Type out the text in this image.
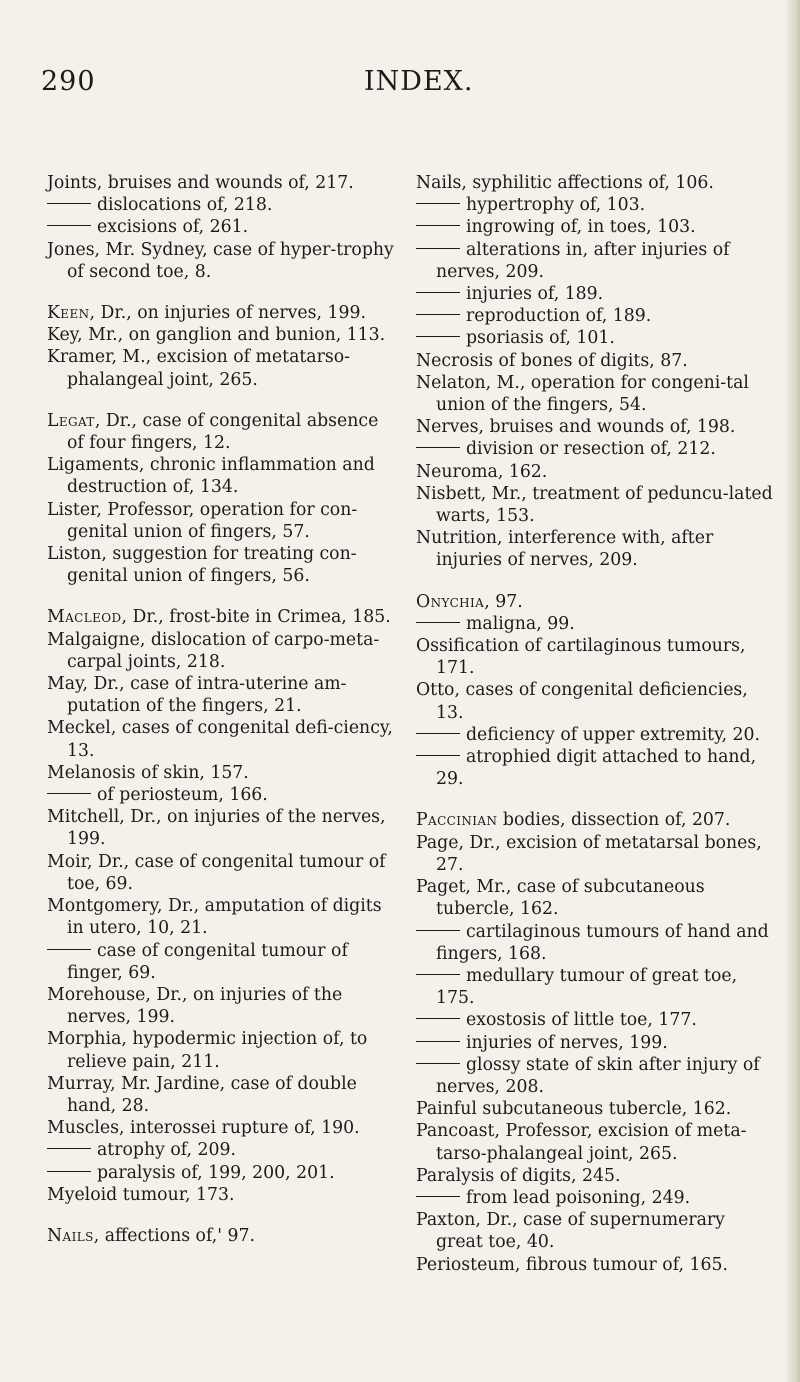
290	INDEX.

Joints, bruises and wounds of, 217.

dislocations of, 218.

excisions of, 261.

Jones, Mr. Sydney, case of hyper-trophy of second toe, 8.

Keen, Dr., on injuries of nerves, 199.

Key, Mr., on ganglion and bunion, 113.

Kramer, M., excision of metatarso-phalangeal joint, 265.

Legat, Dr., case of congenital absence of four fingers, 12.

Ligaments, chronic inflammation and destruction of, 134.

Lister, Professor, operation for con-genital union of fingers, 57.

Liston, suggestion for treating con-genital union of fingers, 56.

Macleod, Dr., frost-bite in Crimea, 185.

Malgaigne, dislocation of carpo-meta-carpal joints, 218.

May, Dr., case of intra-uterine am-putation of the fingers, 21.

Meckel, cases of congenital defi-ciency, 13.

Melanosis of skin, 157.

of periosteum, 166.

Mitchell, Dr., on injuries of the nerves, 199.

Moir, Dr., case of congenital tumour of toe, 69.

Montgomery, Dr., amputation of digits in utero, 10, 21.

case of congenital tumour of finger, 69.

Morehouse, Dr., on injuries of the nerves, 199.

Morphia, hypodermic injection of, to relieve pain, 211.

Murray, Mr. Jardine, case of double hand, 28.

Muscles, interossei rupture of, 190.

atrophy of, 209.

paralysis of, 199, 200, 201.

Myeloid tumour, 173.

Nails, affections of,' 97.

Nails, syphilitic affections of, 106.

hypertrophy of, 103.

ingrowing of, in toes, 103.

alterations in, after injuries of nerves, 209.

injuries of, 189.

reproduction of, 189.

psoriasis of, 101.

Necrosis of bones of digits, 87.

Nelaton, M., operation for congeni-tal union of the fingers, 54.

Nerves, bruises and wounds of, 198.

division or resection of, 212.

Neuroma, 162.

Nisbett, Mr., treatment of peduncu-lated warts, 153.

Nutrition, interference with, after injuries of nerves, 209.

Onychia, 97.

maligna, 99.

Ossification of cartilaginous tumours, 171.

Otto, cases of congenital deficiencies, 13.

deficiency of upper extremity, 20.

atrophied digit attached to hand, 29.

Paccinian bodies, dissection of, 207.

Page, Dr., excision of metatarsal bones, 27.

Paget, Mr., case of subcutaneous tubercle, 162.

cartilaginous tumours of hand and fingers, 168.

medullary tumour of great toe, 175.

exostosis of little toe, 177.

injuries of nerves, 199.

glossy state of skin after injury of nerves, 208.

Painful subcutaneous tubercle, 162.

Pancoast, Professor, excision of meta-tarso-phalangeal joint, 265.

Paralysis of digits, 245.

from lead poisoning, 249.

Paxton, Dr., case of supernumerary great toe, 40.

Periosteum, fibrous tumour of, 165.
